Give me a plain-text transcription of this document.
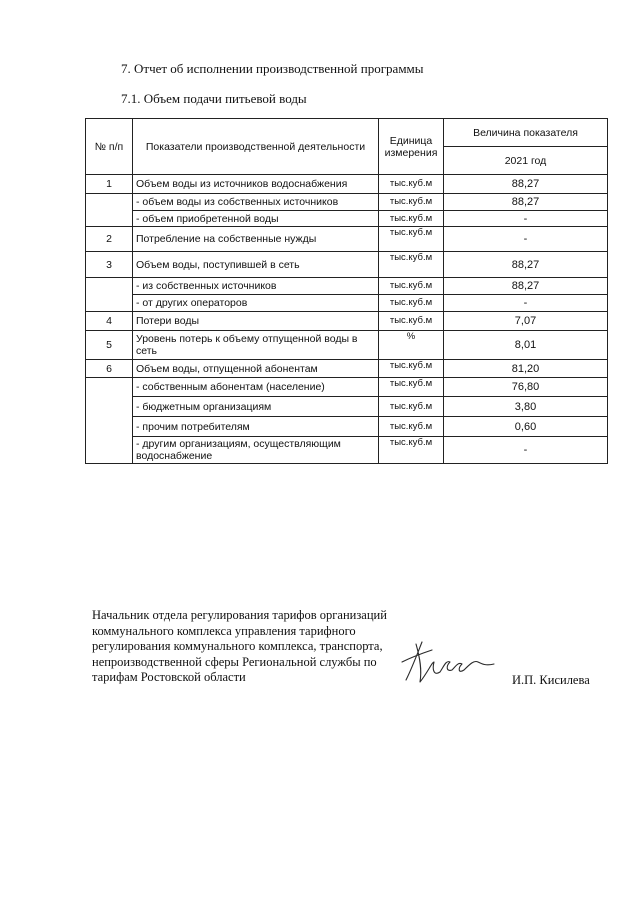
7. Отчет об исполнении производственной программы
7.1. Объем подачи питьевой воды
№ п/п	Показатели производственной деятельности	Единица измерения	Величина показателя
			2021 год
1	Объем воды из источников водоснабжения	тыс.куб.м	88,27
	- объем воды из собственных источников	тыс.куб.м	88,27
	- объем приобретенной воды	тыс.куб.м	-
2	Потребление на собственные нужды	тыс.куб.м	-
3	Объем воды, поступившей в сеть	тыс.куб.м	88,27
	- из собственных источников	тыс.куб.м	88,27
	- от других операторов	тыс.куб.м	-
4	Потери воды	тыс.куб.м	7,07
5	Уровень потерь к объему отпущенной воды в сеть	%	8,01
6	Объем воды, отпущенной абонентам	тыс.куб.м	81,20
	- собственным абонентам (население)	тыс.куб.м	76,80
	- бюджетным организациям	тыс.куб.м	3,80
	- прочим потребителям	тыс.куб.м	0,60
	- другим организациям, осуществляющим водоснабжение	тыс.куб.м	-
Начальник отдела регулирования тарифов организаций коммунального комплекса управления тарифного регулирования коммунального комплекса, транспорта, непроизводственной сферы Региональной службы по тарифам Ростовской области	И.П. Кисилева
